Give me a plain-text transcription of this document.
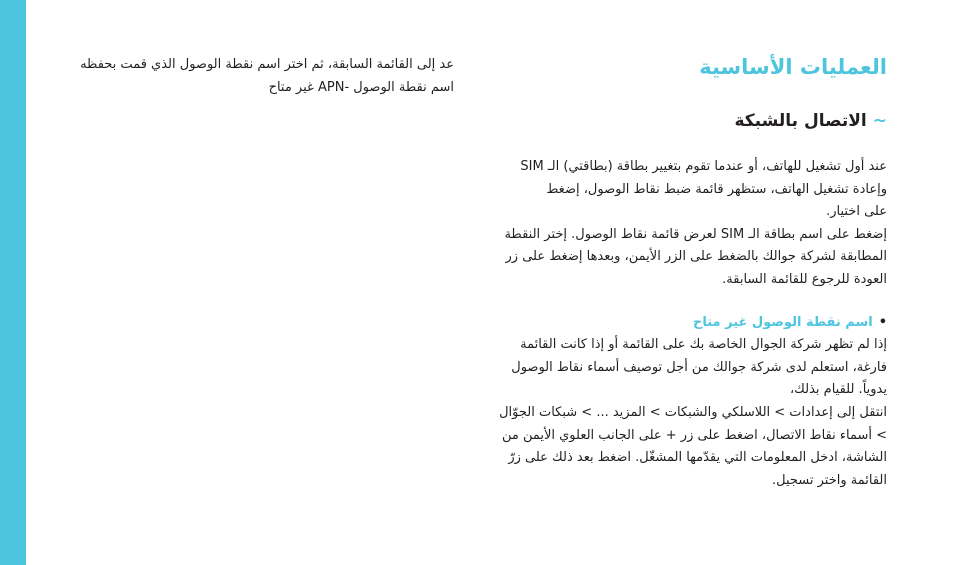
العمليات الأساسية
~الاتصال بالشبكة
عند أول تشغيل للهاتف، أو عندما تقوم بتغيير بطاقة (بطاقتي) الـ SIM
وإعادة تشغيل الهاتف، ستظهر قائمة ضبط نقاط الوصول، إضغط
على اختيار.
إضغط على اسم بطاقة الـ SIM لعرض قائمة نقاط الوصول. إختر النقطة
المطابقة لشركة جوالك بالضغط على الزر الأيمن، وبعدها إضغط على زر
العودة للرجوع للقائمة السابقة.
•اسم نقطة الوصول غير متاح
إذا لم تظهر شركة الجوال الخاصة بك على القائمة أو إذا كانت القائمة
فارغة، استعلم لدى شركة جوالك من أجل توصيف أسماء نقاط الوصول
يدوياً. للقيام بذلك،
انتقل إلى إعدادات > اللاسلكي والشبكات > المزيد ... > شبكات الجوّال
> أسماء نقاط الاتصال، اضغط على زر + على الجانب العلوي الأيمن من
الشاشة، ادخل المعلومات التي يقدّمها المشغّل. اضغط بعد ذلك على زرّ
القائمة واختر تسجيل.
عد إلى القائمة السابقة، ثم اختر اسم نقطة الوصول الذي قمت بحفظه
اسم نقطة الوصول -APN غير متاح
